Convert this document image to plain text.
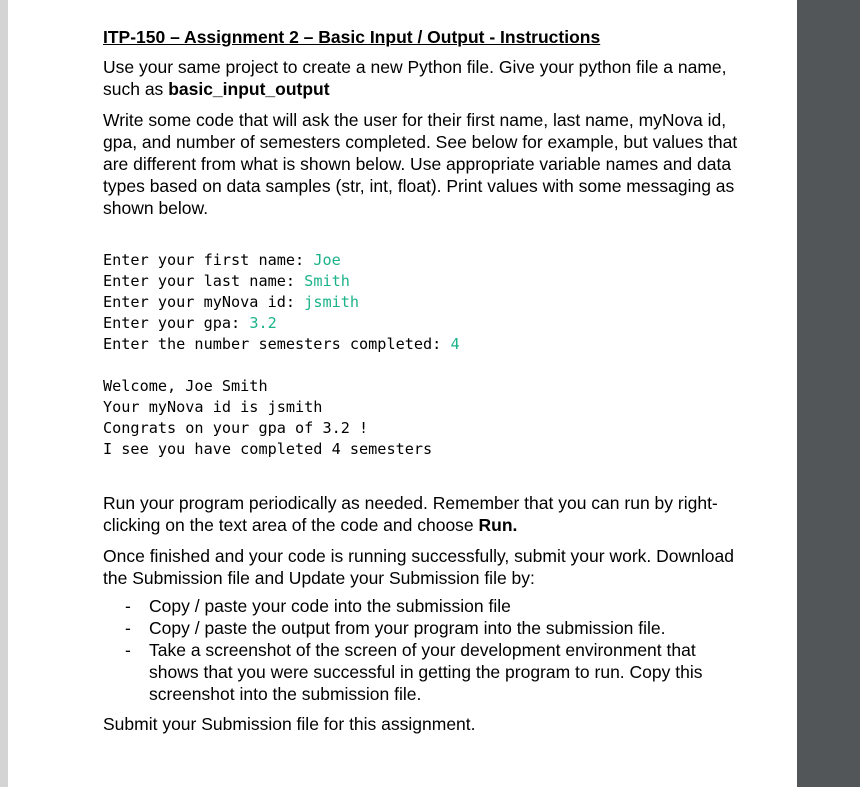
ITP-150 – Assignment 2 – Basic Input / Output - Instructions

Use your same project to create a new Python file. Give your python file a name, such as basic_input_output

Write some code that will ask the user for their first name, last name, myNova id, gpa, and number of semesters completed. See below for example, but values that are different from what is shown below. Use appropriate variable names and data types based on data samples (str, int, float). Print values with some messaging as shown below.

Enter your first name: Joe
Enter your last name: Smith
Enter your myNova id: jsmith
Enter your gpa: 3.2
Enter the number semesters completed: 4
Welcome, Joe Smith
Your myNova id is jsmith
Congrats on your gpa of 3.2 !
I see you have completed 4 semesters

Run your program periodically as needed. Remember that you can run by right-clicking on the text area of the code and choose Run.

Once finished and your code is running successfully, submit your work. Download the Submission file and Update your Submission file by:

- Copy / paste your code into the submission file
- Copy / paste the output from your program into the submission file.
- Take a screenshot of the screen of your development environment that shows that you were successful in getting the program to run. Copy this screenshot into the submission file.

Submit your Submission file for this assignment.
